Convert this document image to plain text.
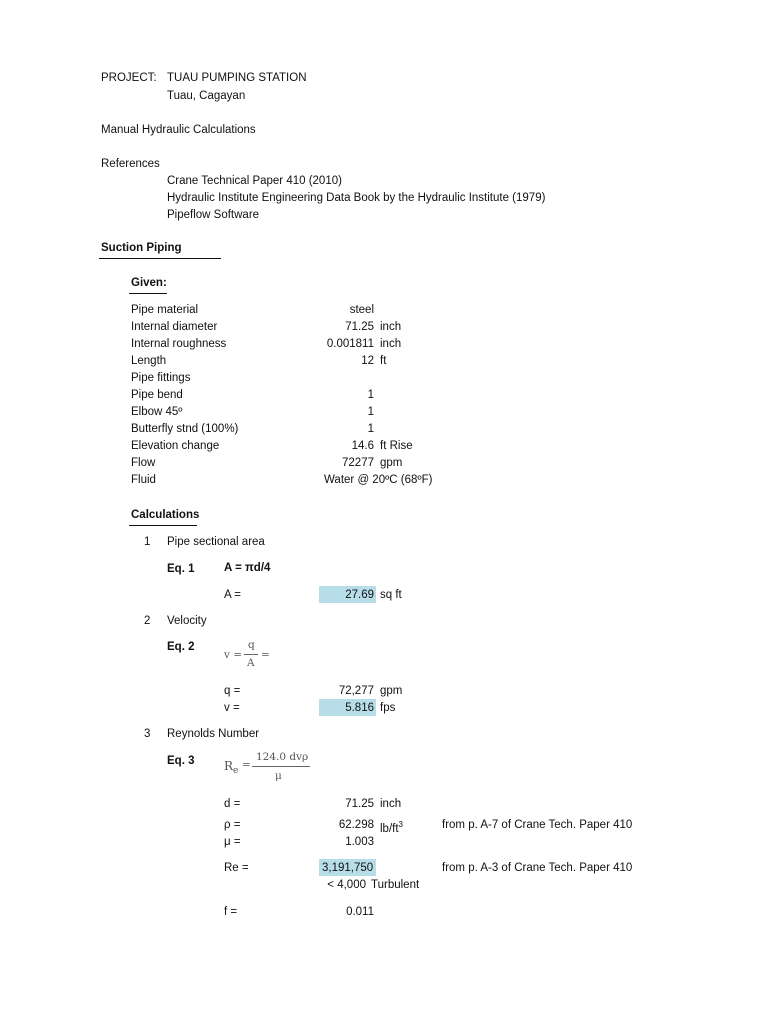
PROJECT: TUAU PUMPING STATION
Tuau, Cagayan
Manual Hydraulic Calculations
References
Crane Technical Paper 410 (2010)
Hydraulic Institute Engineering Data Book by the Hydraulic Institute (1979)
Pipeflow Software
Suction Piping
Given:
Pipe material	steel
Internal diameter	71.25 inch
Internal roughness	0.001811 inch
Length	12 ft
Pipe fittings
Pipe bend	1
Elbow 45º	1
Butterfly stnd (100%)	1
Elevation change	14.6 ft Rise
Flow	72277 gpm
Fluid	Water @ 20ºC (68ºF)
Calculations
1 Pipe sectional area
Eq. 1	A = πd/4
A =	27.69 sq ft
2 Velocity
Eq. 2
v =
q
A
=
q =	72,277 gpm
v =	5.816 fps
3 Reynolds Number
Eq. 3 R e =
124.0 dvρ
μ
d =	71.25 inch
ρ =	62.298 $lb/ft^3$	from p. A-7 of Crane Tech. Paper 410
μ =	1.003
Re =	3,191,750	from p. A-3 of Crane Tech. Paper 410
< 4,000 Turbulent
f =	0.011
